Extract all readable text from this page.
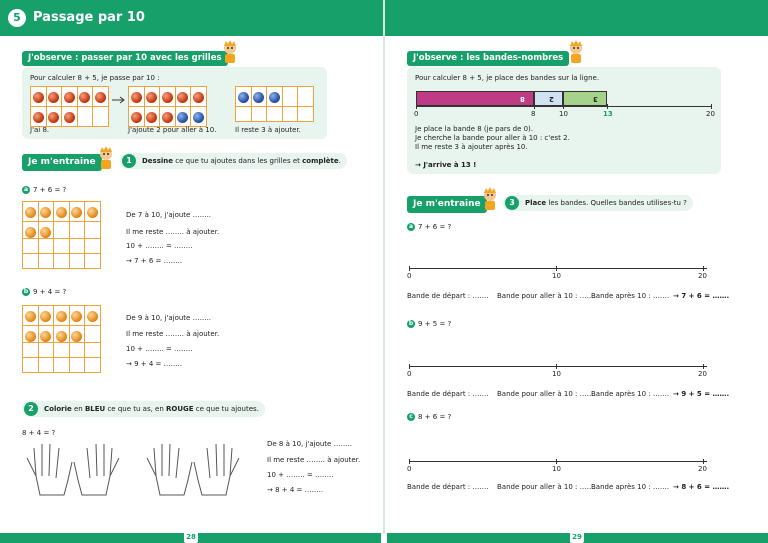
5 Passage par 10
28	29
J'observe : passer par 10 avec les grilles
Pour calculer 8 + 5, je passe par 10 :

J'ai 8.	J'ajoute 2 pour aller à 10.	Il reste 3 à ajouter.
Je m'entraine	Dessine ce que tu ajoutes dans les grilles et complète.
1
a 7 + 6 = ?

De 7 à 10, j'ajoute ……..
Il me reste …….. à ajouter.
10 + …….. = ……..
→ 7 + 6 = ……..
b 9 + 4 = ?

De 9 à 10, j'ajoute ……..
Il me reste …….. à ajouter.
10 + …….. = ……..
→ 9 + 4 = ……..
Colorie en BLEU ce que tu as, en ROUGE ce que tu ajoutes.
2
8 + 4 = ?
De 8 à 10, j'ajoute ……..
Il me reste …….. à ajouter.
10 + …….. = ……..
→ 8 + 4 = ……..
J'observe : les bandes-nombres
Pour calculer 8 + 5, je place des bandes sur la ligne.
8	2	3
0	8	10	13	20
Je place la bande 8 (je pars de 0).
Je cherche la bande pour aller à 10 : c'est 2.
Il me reste 3 à ajouter après 10.
→ J'arrive à 13 !
Je m'entraine	Place les bandes. Quelles bandes utilises-tu ?
3
a 7 + 6 = ?
0	10	20
Bande de départ : ……. Bande pour aller à 10 : …….
Bande après 10 : ……. → 7 + 6 = …….
b 9 + 5 = ?
0	10	20
Bande de départ : ……. Bande pour aller à 10 : …….
Bande après 10 : ……. → 9 + 5 = …….
c 8 + 6 = ?
0	10	20
Bande de départ : ……. Bande pour aller à 10 : …….
Bande après 10 : ……. → 8 + 6 = …….
